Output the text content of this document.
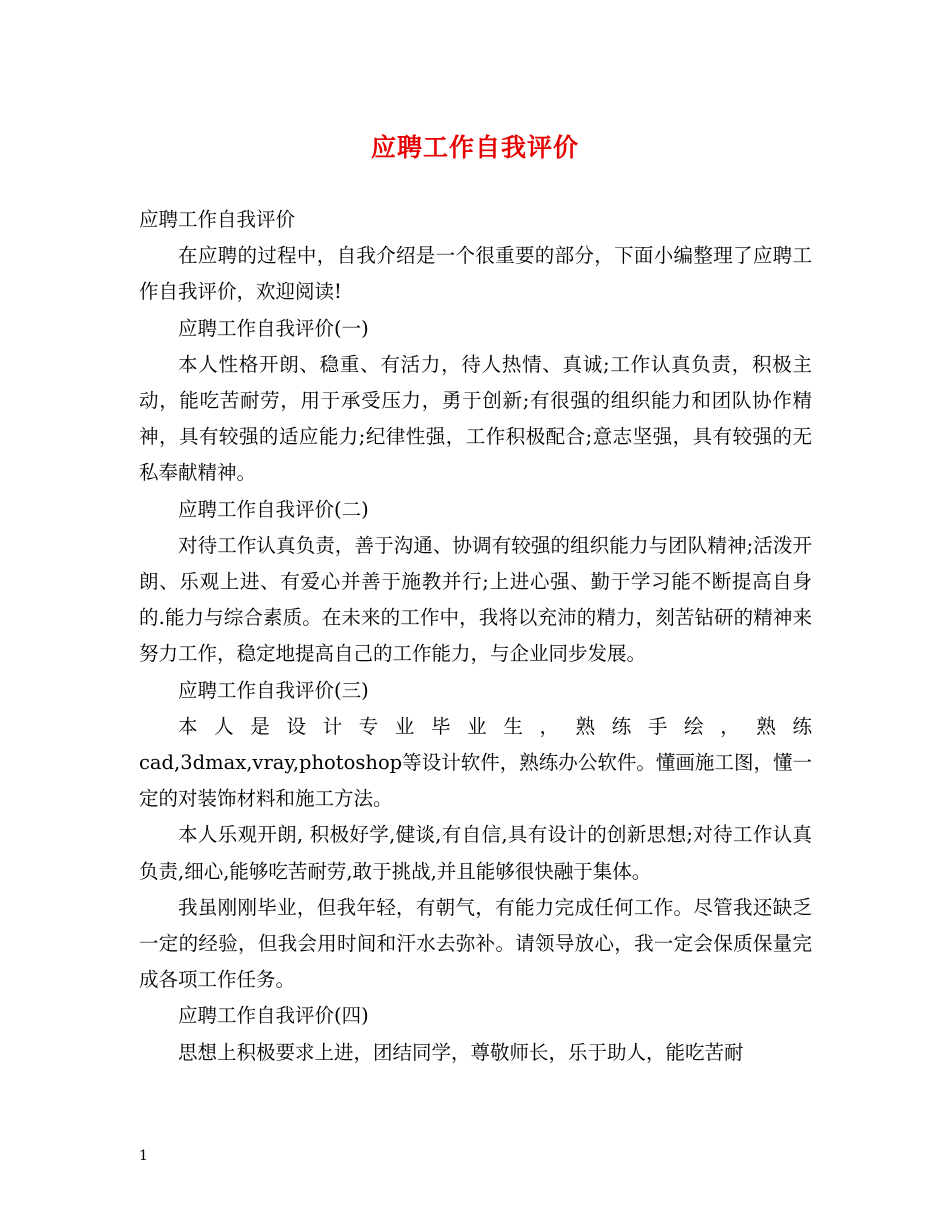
应聘工作自我评价

应聘工作自我评价

在应聘的过程中，自我介绍是一个很重要的部分，下面小编整理了应聘工作自我评价，欢迎阅读!

应聘工作自我评价(一)

本人性格开朗、稳重、有活力，待人热情、真诚;工作认真负责，积极主动，能吃苦耐劳，用于承受压力，勇于创新;有很强的组织能力和团队协作精神，具有较强的适应能力;纪律性强，工作积极配合;意志坚强，具有较强的无私奉献精神。

应聘工作自我评价(二)

对待工作认真负责，善于沟通、协调有较强的组织能力与团队精神;活泼开朗、乐观上进、有爱心并善于施教并行;上进心强、勤于学习能不断提高自身的.能力与综合素质。在未来的工作中，我将以充沛的精力，刻苦钻研的精神来努力工作，稳定地提高自己的工作能力，与企业同步发展。

应聘工作自我评价(三)

本人是设计专业毕业生，熟练手绘，熟练

cad,3dmax,vray,photoshop等设计软件，熟练办公软件。懂画施工图，懂一定的对装饰材料和施工方法。

本人乐观开朗, 积极好学,健谈,有自信,具有设计的创新思想;对待工作认真负责,细心,能够吃苦耐劳,敢于挑战,并且能够很快融于集体。

我虽刚刚毕业，但我年轻，有朝气，有能力完成任何工作。尽管我还缺乏一定的经验，但我会用时间和汗水去弥补。请领导放心，我一定会保质保量完成各项工作任务。

应聘工作自我评价(四)

思想上积极要求上进，团结同学，尊敬师长，乐于助人，能吃苦耐

1
